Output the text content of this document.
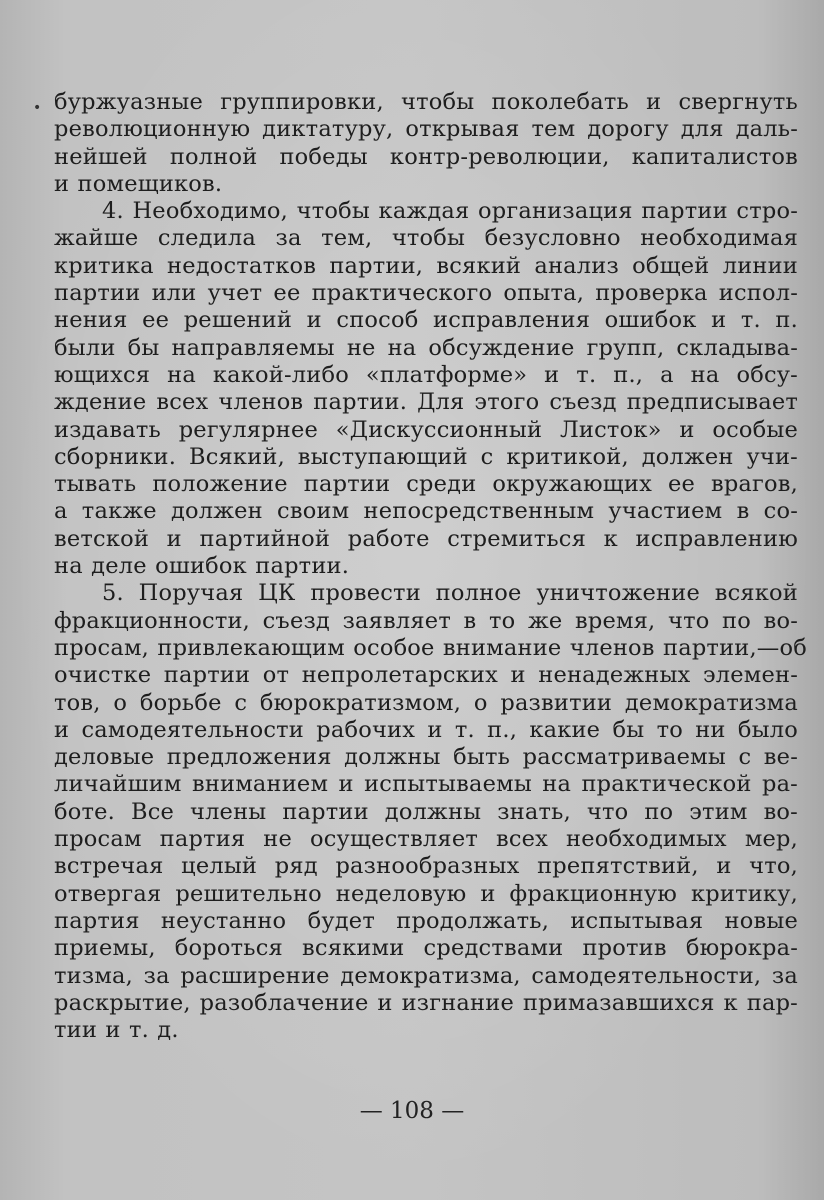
• буржуазные группировки, чтобы поколебать и свергнуть
революционную диктатуру, открывая тем дорогу для даль-
нейшей полной победы контр-революции, капиталистов
и помещиков.
4. Необходимо, чтобы каждая организация партии стро-
жайше следила за тем, чтобы безусловно необходимая
критика недостатков партии, всякий анализ общей линии
партии или учет ее практического опыта, проверка испол-
нения ее решений и способ исправления ошибок и т. п.
были бы направляемы не на обсуждение групп, складыва-
ющихся на какой-либо «платформе» и т. п., а на обсу-
ждение всех членов партии. Для этого съезд предписывает
издавать регулярнее «Дискуссионный Листок» и особые
сборники. Всякий, выступающий с критикой, должен учи-
тывать положение партии среди окружающих ее врагов,
а также должен своим непосредственным участием в со-
ветской и партийной работе стремиться к исправлению
на деле ошибок партии.
5. Поручая ЦК провести полное уничтожение всякой
фракционности, съезд заявляет в то же время, что по во-
просам, привлекающим особое внимание членов партии,—об
очистке партии от непролетарских и ненадежных элемен-
тов, о борьбе с бюрократизмом, о развитии демократизма
и самодеятельности рабочих и т. п., какие бы то ни было
деловые предложения должны быть рассматриваемы с ве-
личайшим вниманием и испытываемы на практической ра-
боте. Все члены партии должны знать, что по этим во-
просам партия не осуществляет всех необходимых мер,
встречая целый ряд разнообразных препятствий, и что,
отвергая решительно неделовую и фракционную критику,
партия неустанно будет продолжать, испытывая новые
приемы, бороться всякими средствами против бюрокра-
тизма, за расширение демократизма, самодеятельности, за
раскрытие, разоблачение и изгнание примазавшихся к пар-
тии и т. д.
— 108 —
